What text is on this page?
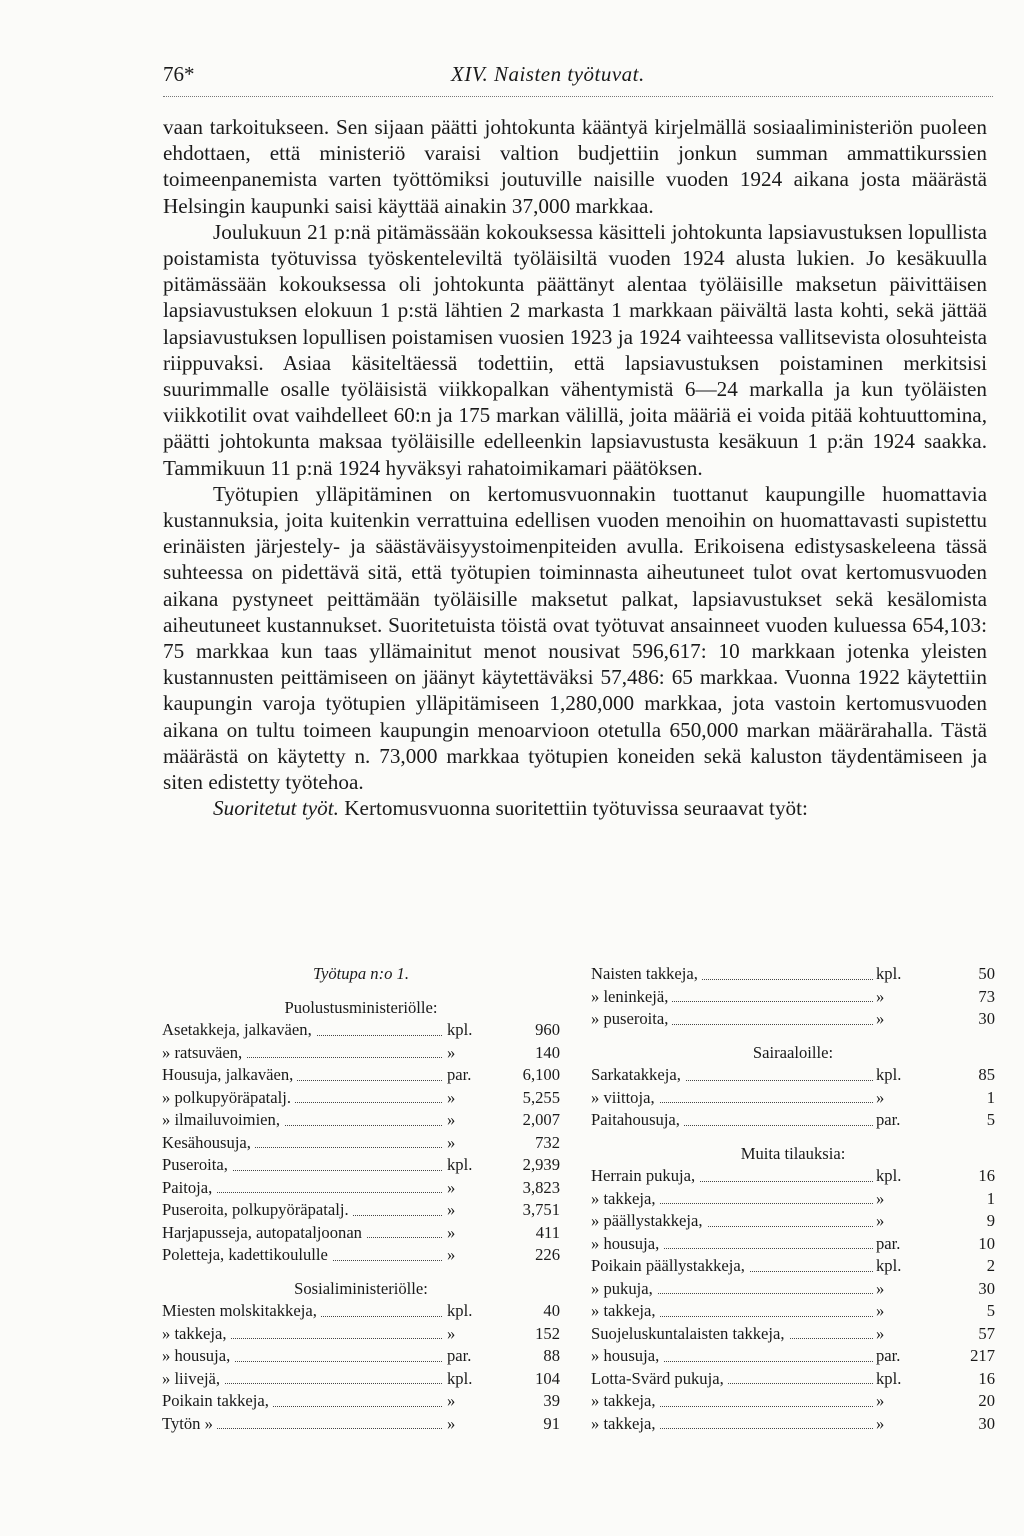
76*	XIV. Naisten työtuvat.

vaan tarkoitukseen. Sen sijaan päätti johtokunta kääntyä kirjelmällä sosiaaliministeriön puoleen ehdottaen, että ministeriö varaisi valtion budjettiin jonkun summan ammattikurssien toimeenpanemista varten työttömiksi joutuville naisille vuoden 1924 aikana josta määrästä Helsingin kaupunki saisi käyttää ainakin 37,000 markkaa.

Joulukuun 21 p:nä pitämässään kokouksessa käsitteli johtokunta lapsiavustuksen lopullista poistamista työtuvissa työskenteleviltä työläisiltä vuoden 1924 alusta lukien. Jo kesäkuulla pitämässään kokouksessa oli johtokunta päättänyt alentaa työläisille maksetun päivittäisen lapsiavustuksen elokuun 1 p:stä lähtien 2 markasta 1 markkaan päivältä lasta kohti, sekä jättää lapsiavustuksen lopullisen poistamisen vuosien 1923 ja 1924 vaihteessa vallitsevista olosuhteista riippuvaksi. Asiaa käsiteltäessä todettiin, että lapsiavustuksen poistaminen merkitsisi suurimmalle osalle työläisistä viikkopalkan vähentymistä 6—24 markalla ja kun työläisten viikkotilit ovat vaihdelleet 60:n ja 175 markan välillä, joita määriä ei voida pitää kohtuuttomina, päätti johtokunta maksaa työläisille edelleenkin lapsiavustusta kesäkuun 1 p:än 1924 saakka. Tammikuun 11 p:nä 1924 hyväksyi rahatoimikamari päätöksen.

Työtupien ylläpitäminen on kertomusvuonnakin tuottanut kaupungille huomattavia kustannuksia, joita kuitenkin verrattuina edellisen vuoden menoihin on huomattavasti supistettu erinäisten järjestely- ja säästäväisyystoimenpiteiden avulla. Erikoisena edistysaskeleena tässä suhteessa on pidettävä sitä, että työtupien toiminnasta aiheutuneet tulot ovat kertomusvuoden aikana pystyneet peittämään työläisille maksetut palkat, lapsiavustukset sekä kesälomista aiheutuneet kustannukset. Suoritetuista töistä ovat työtuvat ansainneet vuoden kuluessa 654,103: 75 markkaa kun taas yllämainitut menot nousivat 596,617: 10 markkaan jotenka yleisten kustannusten peittämiseen on jäänyt käytettäväksi 57,486: 65 markkaa. Vuonna 1922 käytettiin kaupungin varoja työtupien ylläpitämiseen 1,280,000 markkaa, jota vastoin kertomusvuoden aikana on tultu toimeen kaupungin menoarvioon otetulla 650,000 markan määrärahalla. Tästä määrästä on käytetty n. 73,000 markkaa työtupien koneiden sekä kaluston täydentämiseen ja siten edistetty työtehoa.

Suoritetut työt. Kertomusvuonna suoritettiin työtuvissa seuraavat työt:

Työtupa n:o 1.
Puolustusministeriölle:
Asetakkeja, jalkaväen,	kpl.	960
» ratsuväen,	»	140
Housuja, jalkaväen,	par.	6,100
» polkupyöräpatalj.	»	5,255
» ilmailuvoimien,	»	2,007
Kesähousuja,	»	732
Puseroita,	kpl.	2,939
Paitoja,	»	3,823
Puseroita, polkupyöräpatalj.	»	3,751
Harjapusseja, autopataljoonan	»	411
Poletteja, kadettikoululle	»	226
Sosialiministeriölle:
Miesten molskitakkeja,	kpl.	40
» takkeja,	»	152
» housuja,	par.	88
» liivejä,	kpl.	104
Poikain takkeja,	»	39
Tytön »	»	91
Naisten takkeja,	kpl.	50
» leninkejä,	»	73
» puseroita,	»	30
Sairaaloille:
Sarkatakkeja,	kpl.	85
» viittoja,	»	1
Paitahousuja,	par.	5
Muita tilauksia:
Herrain pukuja,	kpl.	16
» takkeja,	»	1
» päällystakkeja,	»	9
» housuja,	par.	10
Poikain päällystakkeja,	kpl.	2
» pukuja,	»	30
» takkeja,	»	5
Suojeluskuntalaisten takkeja,	»	57
» housuja,	par.	217
Lotta-Svärd pukuja,	kpl.	16
» takkeja,	»	20
» takkeja,	»	30
